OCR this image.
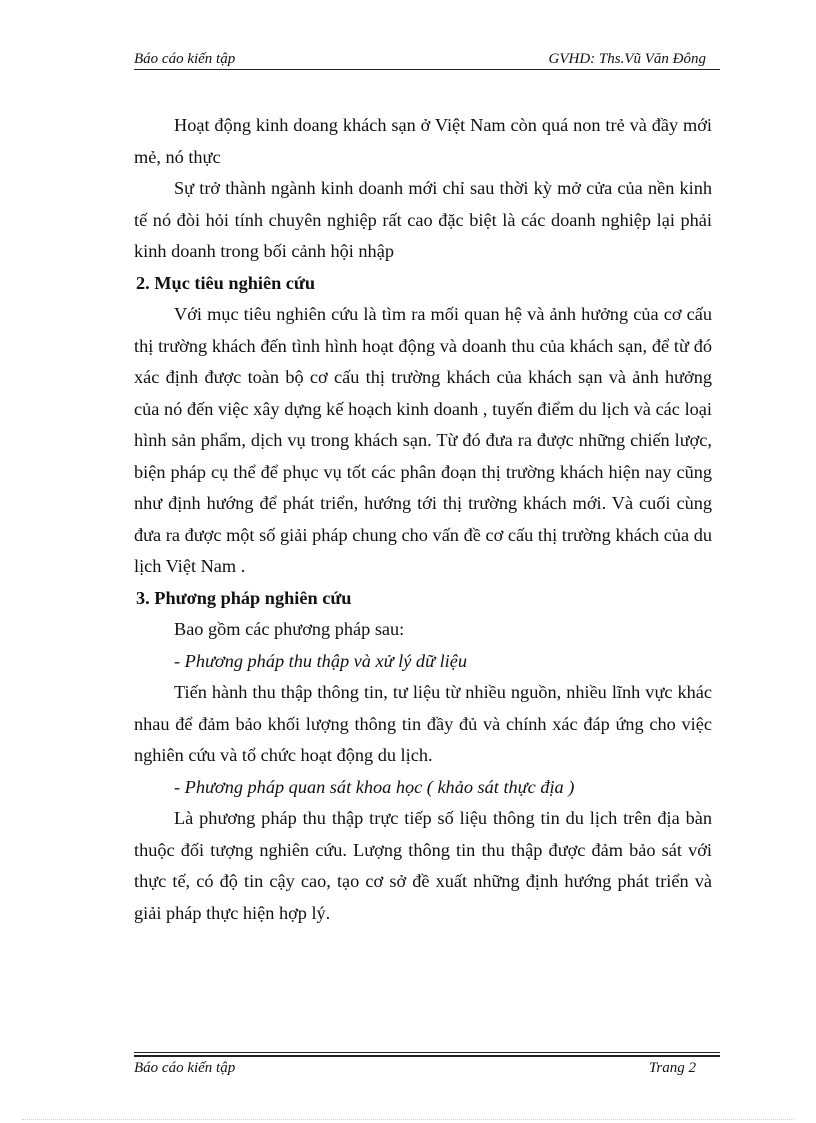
Báo cáo kiến tập	GVHD: Ths.Vũ Văn Đông

Hoạt động kinh doang khách sạn ở Việt Nam còn quá non trẻ và đầy mới mẻ, nó thực

Sự trở thành ngành kinh doanh mới chỉ sau thời kỳ mở cửa của nền kinh tế nó đòi hỏi tính chuyên nghiệp rất cao đặc biệt là các doanh nghiệp lại phải kinh doanh trong bối cảnh hội nhập

2. Mục tiêu nghiên cứu

Với mục tiêu nghiên cứu là tìm ra mối quan hệ và ảnh hưởng của cơ cấu thị trường khách đến tình hình hoạt động và doanh thu của khách sạn, để từ đó xác định được toàn bộ cơ cấu thị trường khách của khách sạn và ảnh hưởng của nó đến việc xây dựng kế hoạch kinh doanh , tuyến điểm du lịch và các loại hình sản phẩm, dịch vụ trong khách sạn. Từ đó đưa ra được những chiến lược, biện pháp cụ thể để phục vụ tốt các phân đoạn thị trường khách hiện nay cũng như định hướng để phát triển, hướng tới thị trường khách mới. Và cuối cùng đưa ra được một số giải pháp chung cho vấn đề cơ cấu thị trường khách của du lịch Việt Nam .

3. Phương pháp nghiên cứu

Bao gồm các phương pháp sau:

- Phương pháp thu thập và xử lý dữ liệu

Tiến hành thu thập thông tin, tư liệu từ nhiều nguồn, nhiều lĩnh vực khác nhau để đảm bảo khối lượng thông tin đầy đủ và chính xác đáp ứng cho việc nghiên cứu và tổ chức hoạt động du lịch.

- Phương pháp quan sát khoa học ( khảo sát thực địa )

Là phương pháp thu thập trực tiếp số liệu thông tin du lịch trên địa bàn thuộc đối tượng nghiên cứu. Lượng thông tin thu thập được đảm bảo sát với thực tế, có độ tin cậy cao, tạo cơ sở đề xuất những định hướng phát triển và giải pháp thực hiện hợp lý.

Báo cáo kiến tập	Trang 2
